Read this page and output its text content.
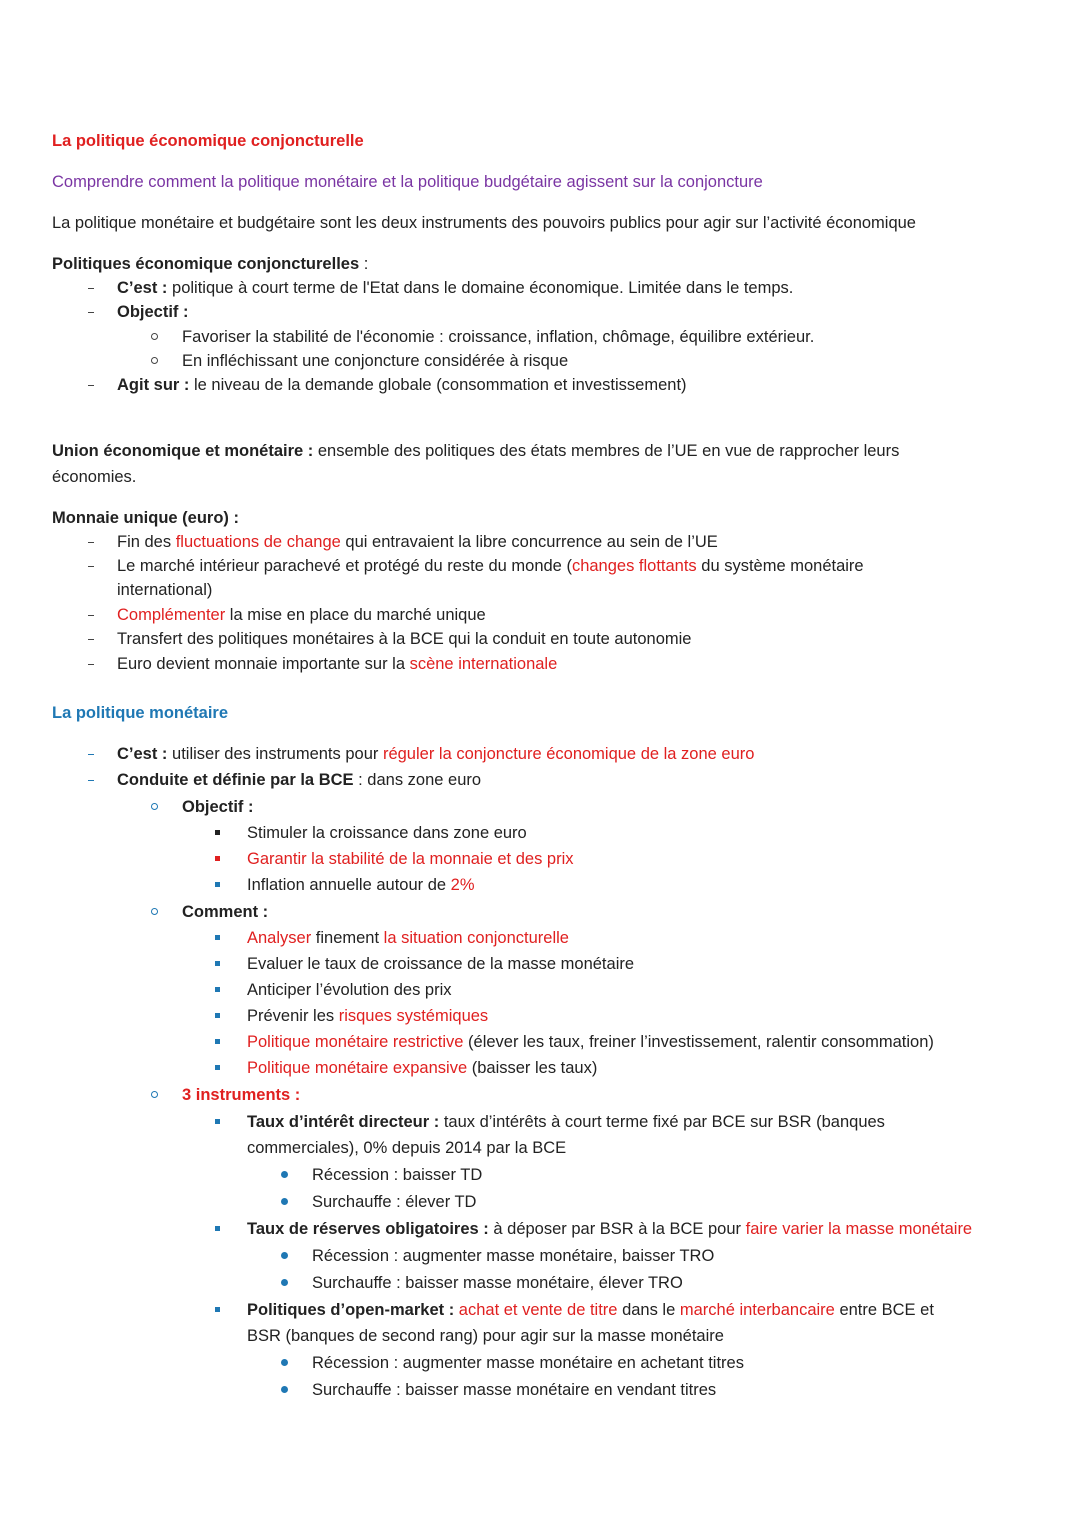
La politique économique conjoncturelle
Comprendre comment la politique monétaire et la politique budgétaire agissent sur la conjoncture
La politique monétaire et budgétaire sont les deux instruments des pouvoirs publics pour agir sur l’activité économique
Politiques économique conjoncturelles :
C’est : politique à court terme de l'Etat dans le domaine économique. Limitée dans le temps.
Objectif :
Favoriser la stabilité de l'économie : croissance, inflation, chômage, équilibre extérieur.
En infléchissant une conjoncture considérée à risque
Agit sur : le niveau de la demande globale (consommation et investissement)
Union économique et monétaire : ensemble des politiques des états membres de l’UE en vue de rapprocher leurs
économies.
Monnaie unique (euro) :
Fin des fluctuations de change qui entravaient la libre concurrence au sein de l’UE
Le marché intérieur parachevé et protégé du reste du monde (changes flottants du système monétaire
international)
Complémenter la mise en place du marché unique
Transfert des politiques monétaires à la BCE qui la conduit en toute autonomie
Euro devient monnaie importante sur la scène internationale
La politique monétaire
C’est : utiliser des instruments pour réguler la conjoncture économique de la zone euro
Conduite et définie par la BCE : dans zone euro
Objectif :
Stimuler la croissance dans zone euro
Garantir la stabilité de la monnaie et des prix
Inflation annuelle autour de 2%
Comment :
Analyser finement la situation conjoncturelle
Evaluer le taux de croissance de la masse monétaire
Anticiper l’évolution des prix
Prévenir les risques systémiques
Politique monétaire restrictive (élever les taux, freiner l’investissement, ralentir consommation)
Politique monétaire expansive (baisser les taux)
3 instruments :
Taux d’intérêt directeur : taux d’intérêts à court terme fixé par BCE sur BSR (banques
commerciales), 0% depuis 2014 par la BCE
Récession : baisser TD
Surchauffe : élever TD
Taux de réserves obligatoires : à déposer par BSR à la BCE pour faire varier la masse monétaire
Récession : augmenter masse monétaire, baisser TRO
Surchauffe : baisser masse monétaire, élever TRO
Politiques d’open-market : achat et vente de titre dans le marché interbancaire entre BCE et
BSR (banques de second rang) pour agir sur la masse monétaire
Récession : augmenter masse monétaire en achetant titres
Surchauffe : baisser masse monétaire en vendant titres
